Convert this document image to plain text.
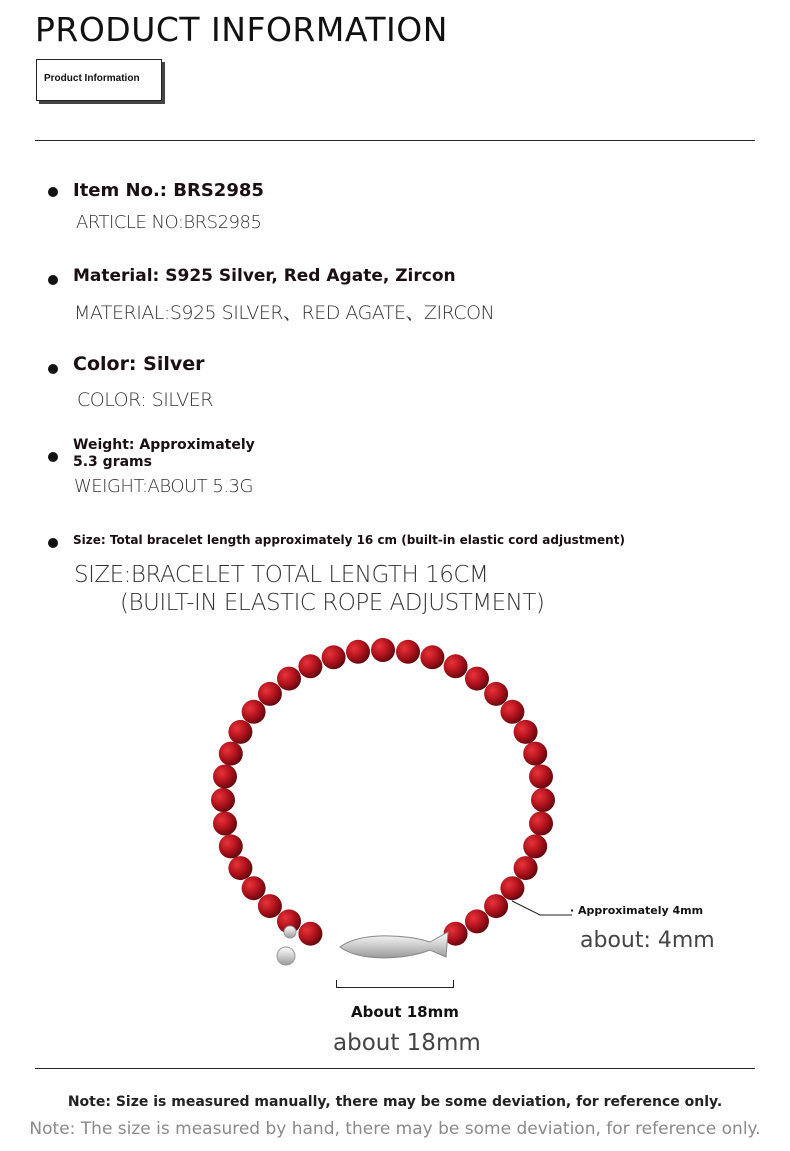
PRODUCT INFORMATION
Product Information
Item No.: BRS2985
ARTICLE NO:BRS2985
Material: S925 Silver, Red Agate, Zircon
MATERIAL:S925 SILVER、RED AGATE、ZIRCON
Color: Silver
COLOR: SILVER
Weight: Approximately
5.3 grams
WEIGHT:ABOUT 5.3G
Size: Total bracelet length approximately 16 cm (built-in elastic cord adjustment)
SIZE:BRACELET TOTAL LENGTH 16CM
(BUILT-IN ELASTIC ROPE ADJUSTMENT)
· Approximately 4mm
about: 4mm
About 18mm
about 18mm
Note: Size is measured manually, there may be some deviation, for reference only.
Note: The size is measured by hand, there may be some deviation, for reference only.
